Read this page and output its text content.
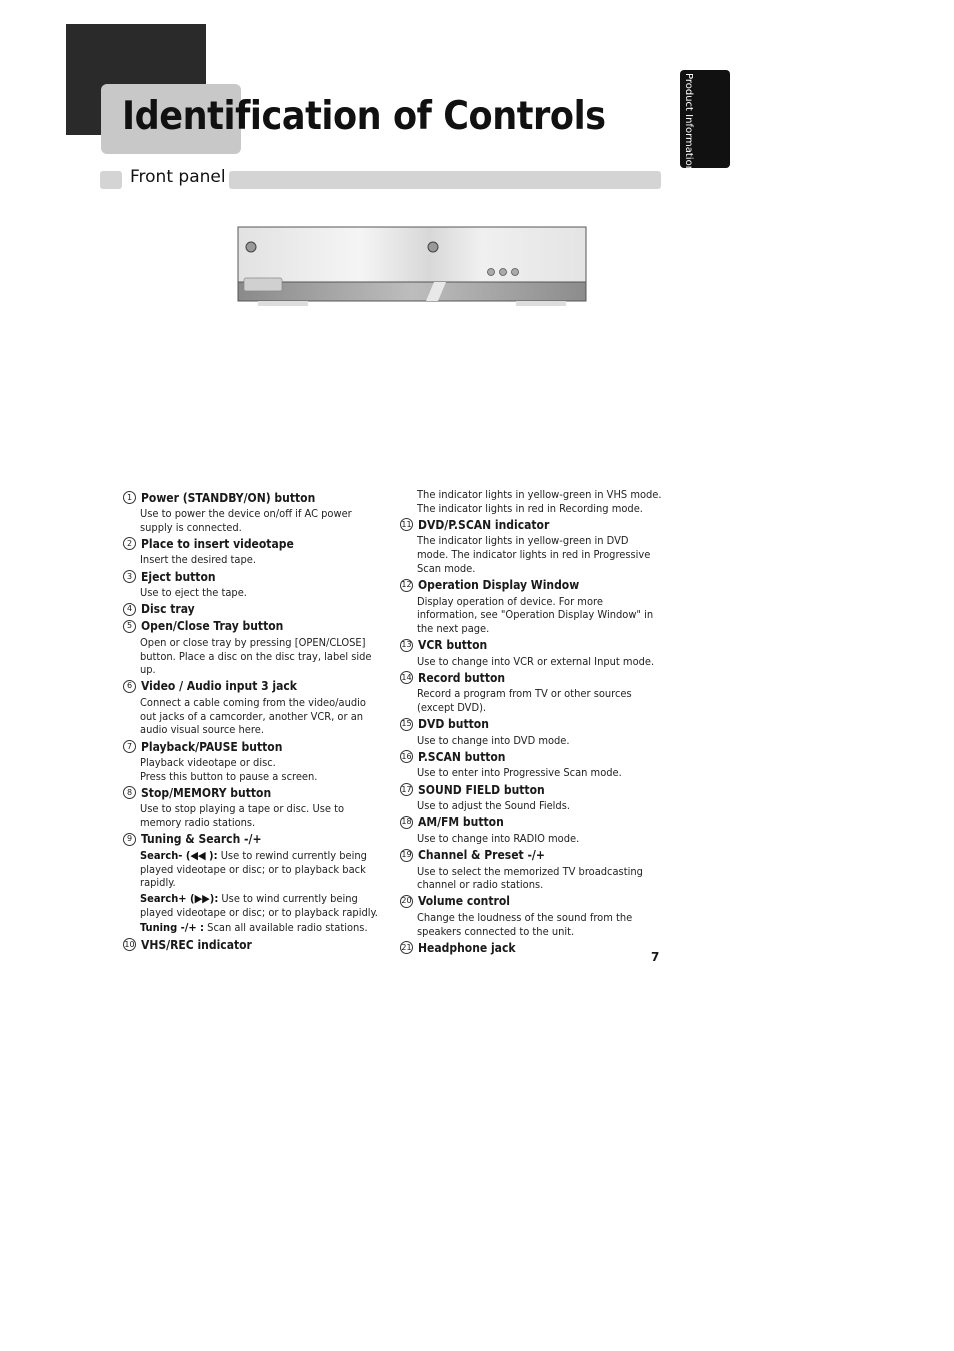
Identification of Controls	Product Information
Front panel
1 Power (STANDBY/ON) button
Use to power the device on/off if AC power supply is connected.
2 Place to insert videotape
Insert the desired tape.
3 Eject button
Use to eject the tape.
4 Disc tray
5 Open/Close Tray button
Open or close tray by pressing [OPEN/CLOSE] button. Place a disc on the disc tray, label side up.
6 Video / Audio input 3 jack
Connect a cable coming from the video/audio out jacks of a camcorder, another VCR, or an audio visual source here.
7 Playback/PAUSE button
Playback videotape or disc.
Press this button to pause a screen.
8 Stop/MEMORY button
Use to stop playing a tape or disc. Use to memory radio stations.
9 Tuning & Search -/+
Search- (◀◀ ): Use to rewind currently being played videotape or disc; or to playback back rapidly.
Search+ (▶▶): Use to wind currently being played videotape or disc; or to playback rapidly.
Tuning -/+ : Scan all available radio stations.
10 VHS/REC indicator
The indicator lights in yellow-green in VHS mode.
The indicator lights in red in Recording mode.
11 DVD/P.SCAN indicator
The indicator lights in yellow-green in DVD mode. The indicator lights in red in Progressive Scan mode.
12 Operation Display Window
Display operation of device. For more information, see "Operation Display Window" in the next page.
13 VCR button
Use to change into VCR or external Input mode.
14 Record button
Record a program from TV or other sources (except DVD).
15 DVD button
Use to change into DVD mode.
16 P.SCAN button
Use to enter into Progressive Scan mode.
17 SOUND FIELD button
Use to adjust the Sound Fields.
18 AM/FM button
Use to change into RADIO mode.
19 Channel & Preset -/+
Use to select the memorized TV broadcasting channel or radio stations.
20 Volume control
Change the loudness of the sound from the speakers connected to the unit.
21 Headphone jack
7
